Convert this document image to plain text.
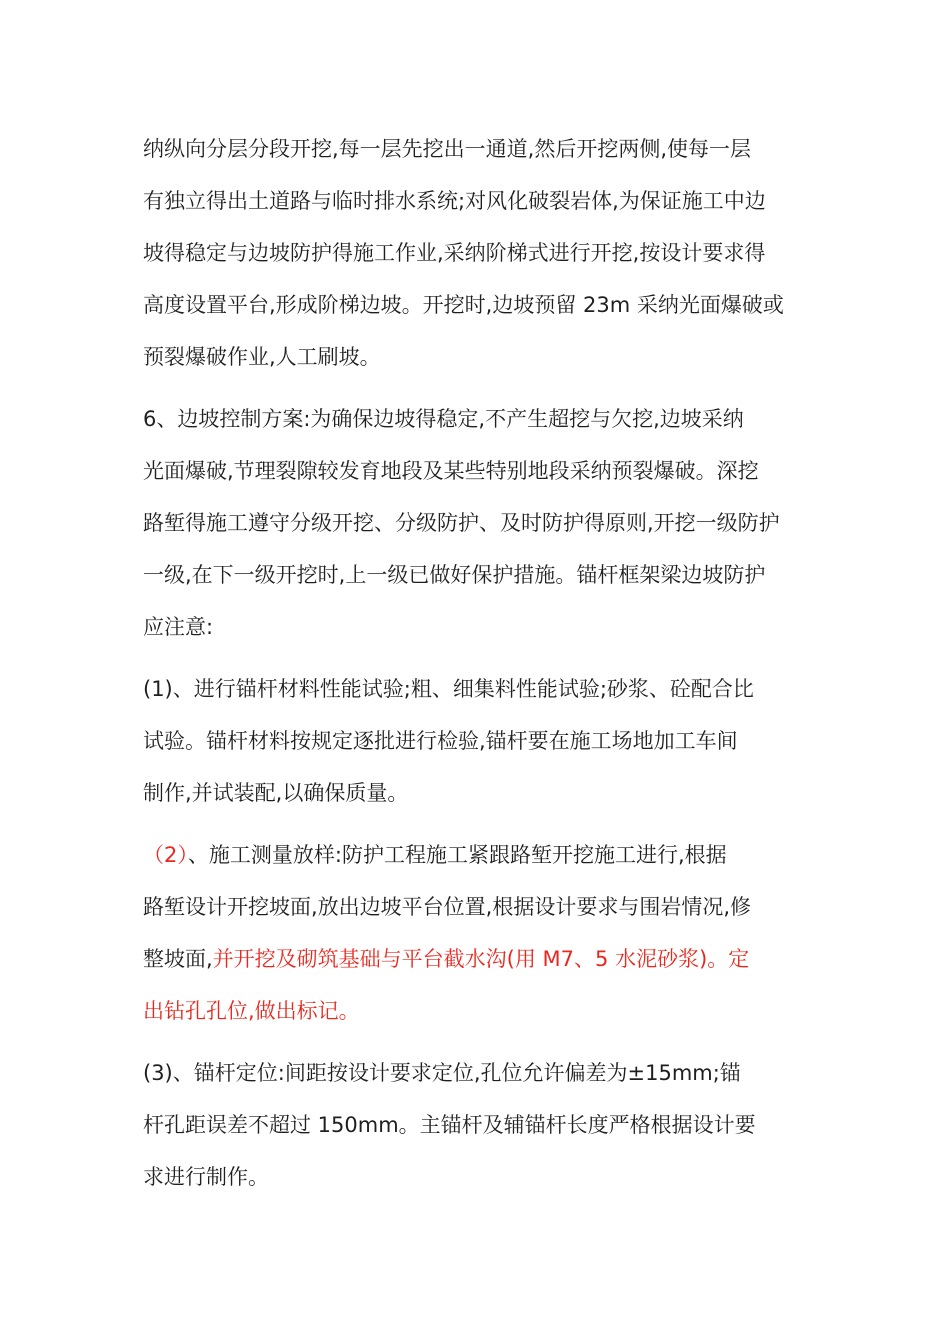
纳纵向分层分段开挖,每一层先挖出一通道,然后开挖两侧,使每一层
有独立得出土道路与临时排水系统;对风化破裂岩体,为保证施工中边
坡得稳定与边坡防护得施工作业,采纳阶梯式进行开挖,按设计要求得
高度设置平台,形成阶梯边坡。开挖时,边坡预留 23m 采纳光面爆破或
预裂爆破作业,人工刷坡。
6、边坡控制方案:为确保边坡得稳定,不产生超挖与欠挖,边坡采纳
光面爆破,节理裂隙较发育地段及某些特别地段采纳预裂爆破。深挖
路堑得施工遵守分级开挖、分级防护、及时防护得原则,开挖一级防护
一级,在下一级开挖时,上一级已做好保护措施。锚杆框架梁边坡防护
应注意:
(1)、进行锚杆材料性能试验;粗、细集料性能试验;砂浆、砼配合比
试验。锚杆材料按规定逐批进行检验,锚杆要在施工场地加工车间
制作,并试装配,以确保质量。
（2）、施工测量放样:防护工程施工紧跟路堑开挖施工进行,根据
路堑设计开挖坡面,放出边坡平台位置,根据设计要求与围岩情况,修
整坡面,并开挖及砌筑基础与平台截水沟(用 M7、5 水泥砂浆)。定
出钻孔孔位,做出标记。
(3)、锚杆定位:间距按设计要求定位,孔位允许偏差为±15mm;锚
杆孔距误差不超过 150mm。主锚杆及辅锚杆长度严格根据设计要
求进行制作。
